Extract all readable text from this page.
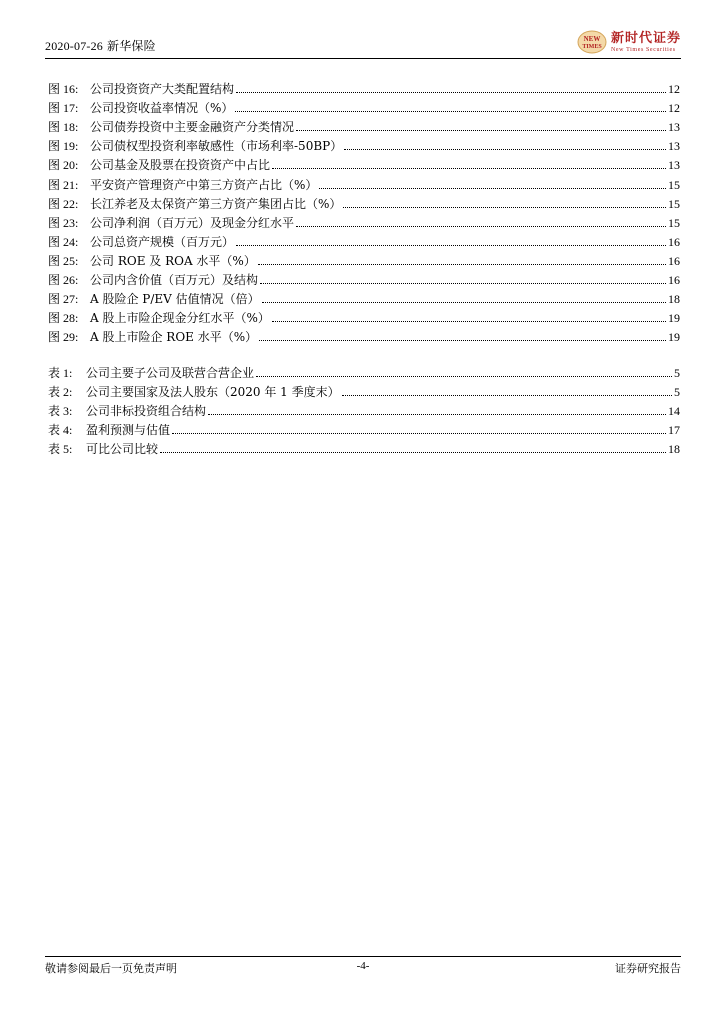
2020-07-26 新华保险	NEW
TIMES
新时代证券
New Times Securities
图 16: 公司投资资产大类配置结构	12
图 17: 公司投资收益率情况（%）	12
图 18: 公司债券投资中主要金融资产分类情况	13
图 19: 公司债权型投资利率敏感性（市场利率-50BP）	13
图 20: 公司基金及股票在投资资产中占比	13
图 21: 平安资产管理资产中第三方资产占比（%）	15
图 22: 长江养老及太保资产第三方资产集团占比（%）	15
图 23: 公司净利润（百万元）及现金分红水平	15
图 24: 公司总资产规模（百万元）	16
图 25: 公司 ROE 及 ROA 水平（%）	16
图 26: 公司内含价值（百万元）及结构	16
图 27: A 股险企 P/EV 估值情况（倍）	18
图 28: A 股上市险企现金分红水平（%）	19
图 29: A 股上市险企 ROE 水平（%）	19
表 1:	公司主要子公司及联营合营企业	5
表 2:	公司主要国家及法人股东（2020 年 1 季度末）	5
表 3:	公司非标投资组合结构	14
表 4:	盈利预测与估值	17
表 5:	可比公司比较	18
敬请参阅最后一页免责声明	-4-	证券研究报告
